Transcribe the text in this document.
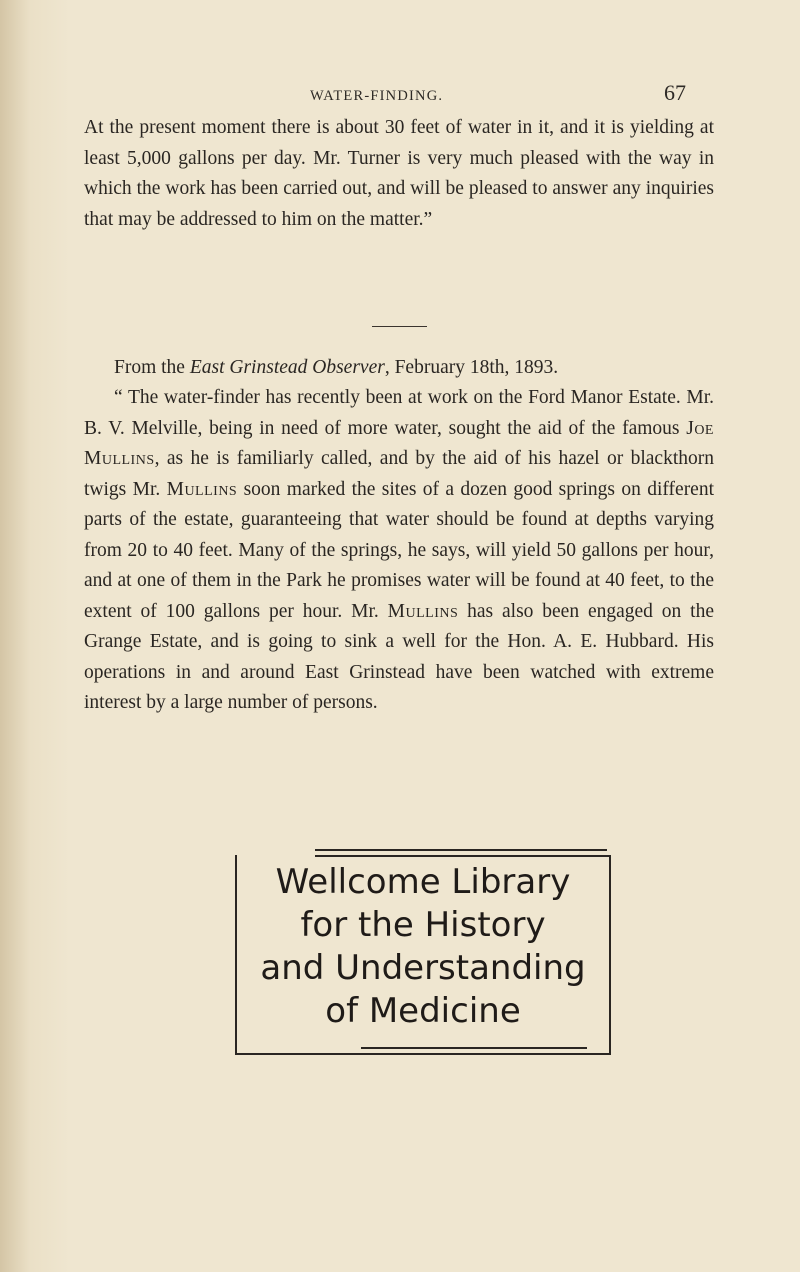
WATER-FINDING.	67

At the present moment there is about 30 feet of water in it, and it is yielding at least 5,000 gallons per day. Mr. Turner is very much pleased with the way in which the work has been carried out, and will be pleased to answer any inquiries that may be addressed to him on the matter.”

From the East Grinstead Observer, February 18th, 1893.

“ The water-finder has recently been at work on the Ford Manor Estate. Mr. B. V. Melville, being in need of more water, sought the aid of the famous Joe Mullins, as he is familiarly called, and by the aid of his hazel or blackthorn twigs Mr. Mullins soon marked the sites of a dozen good springs on different parts of the estate, guaranteeing that water should be found at depths varying from 20 to 40 feet. Many of the springs, he says, will yield 50 gallons per hour, and at one of them in the Park he promises water will be found at 40 feet, to the extent of 100 gallons per hour. Mr. Mullins has also been engaged on the Grange Estate, and is going to sink a well for the Hon. A. E. Hubbard. His operations in and around East Grinstead have been watched with extreme interest by a large number of persons.

Wellcome Library
for the History
and Understanding
of Medicine
